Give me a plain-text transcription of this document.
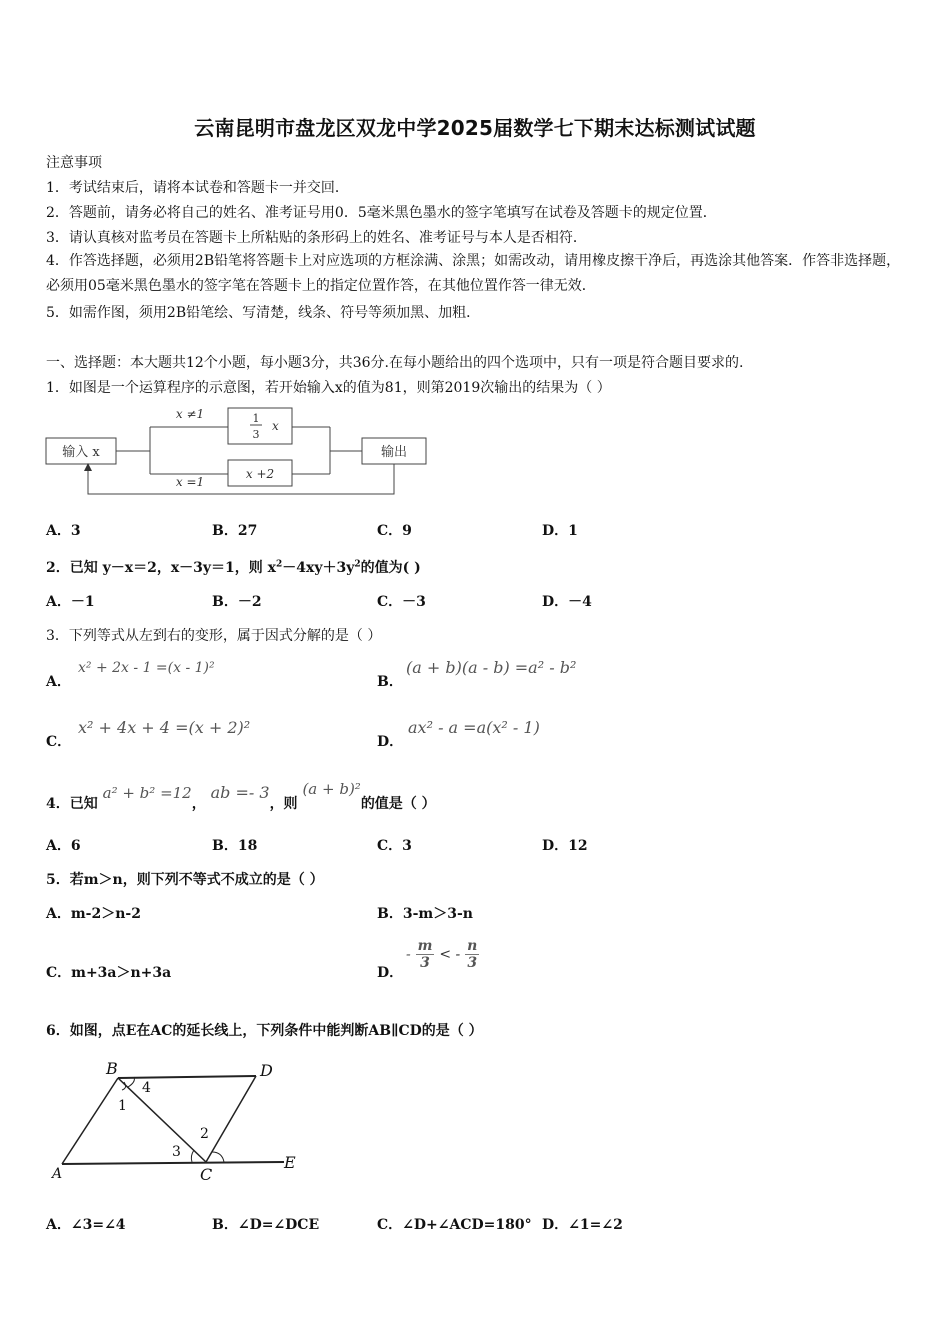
云南昆明市盘龙区双龙中学2025届数学七下期末达标测试试题
注意事项
1．考试结束后，请将本试卷和答题卡一并交回．
2．答题前，请务必将自己的姓名、准考证号用0．5毫米黑色墨水的签字笔填写在试卷及答题卡的规定位置．
3．请认真核对监考员在答题卡上所粘贴的条形码上的姓名、准考证号与本人是否相符．
4．作答选择题，必须用2B铅笔将答题卡上对应选项的方框涂满、涂黑；如需改动，请用橡皮擦干净后，再选涂其他答案．作答非选择题，必须用05毫米黑色墨水的签字笔在答题卡上的指定位置作答，在其他位置作答一律无效．
5．如需作图，须用2B铅笔绘、写清楚，线条、符号等须加黑、加粗．
一、选择题：本大题共12个小题，每小题3分，共36分.在每小题给出的四个选项中，只有一项是符合题目要求的.
1．如图是一个运算程序的示意图，若开始输入x的值为81，则第2019次输出的结果为（ ）
输入 x
1
3
x
x +2
x ≠1
x =1
输出
A．3	B．27	C．9	D．1
2．已知 y－x＝2，x－3y＝1，则 $x^2-4xy+3y^2$的值为( )
A．－1	B．－2	C．－3	D．－4
3．下列等式从左到右的变形，属于因式分解的是（ ）
A．
x² + 2x - 1 =(x - 1)²
B．
(a + b)(a - b) =a² - b²
C．
x² + 4x + 4 =(x + 2)²
D．
ax² - a =a(x² - 1)
4．已知 a² + b² =12， ab =- 3，则 (a + b)²的值是（ ）
A．6	B．18	C．3	D．12
5．若m＞n，则下列不等式不成立的是（ ）
A．m-2＞n-2	B．3-m＞3-n
C．m+3a＞n+3a	D．
- $\frac{m}{3}$ < - $\frac{n}{3}$
6．如图，点E在AC的延长线上，下列条件中能判断AB∥CD的是（ ）
B	D
A	C
E
1
2
3
4
A．∠3=∠4	B．∠D=∠DCE	C．∠D+∠ACD=180° D．∠1=∠2
